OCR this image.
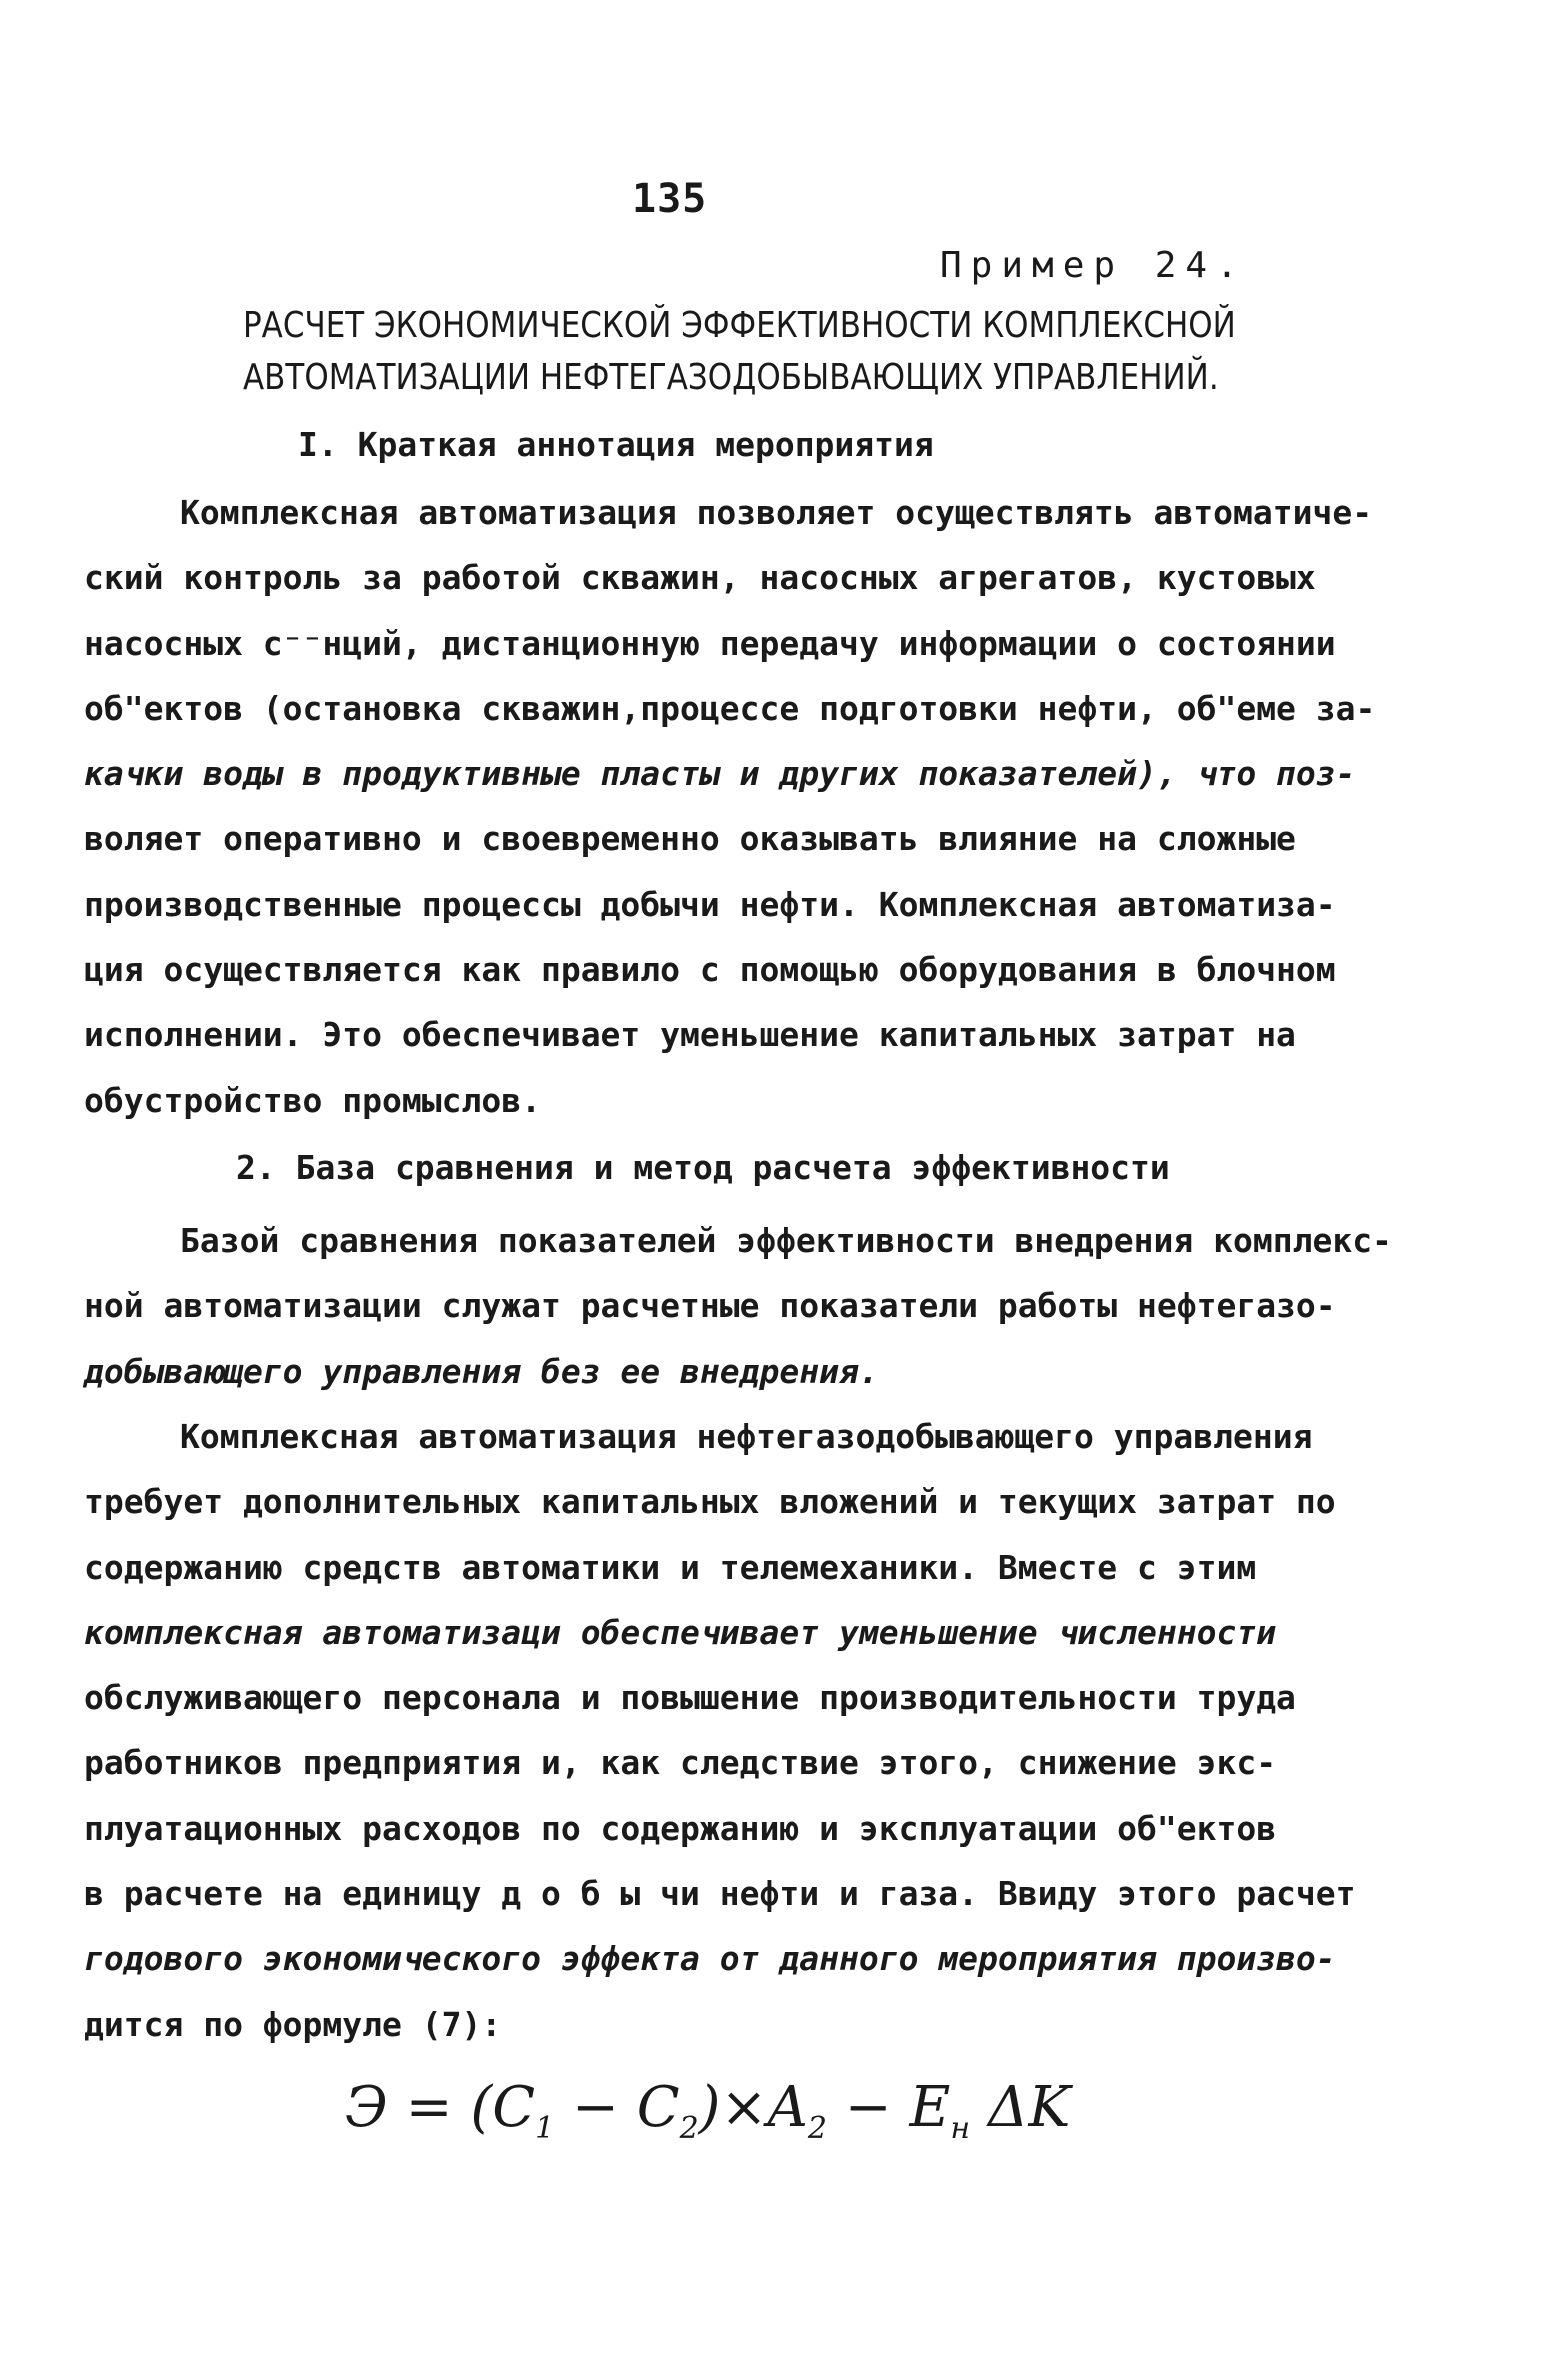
135
Пример 24.
РАСЧЕТ ЭКОНОМИЧЕСКОЙ ЭФФЕКТИВНОСТИ КОМПЛЕКСНОЙ
АВТОМАТИЗАЦИИ НЕФТЕГАЗОДОБЫВАЮЩИХ УПРАВЛЕНИЙ.
I. Краткая аннотация мероприятия
Комплексная автоматизация позволяет осуществлять автоматиче-
ский контроль за работой скважин, насосных агрегатов, кустовых
насосных с⁻⁻нций, дистанционную передачу информации о состоянии
об"ектов (остановка скважин,процессе подготовки нефти, об"еме за-
качки воды в продуктивные пласты и других показателей), что поз-
воляет оперативно и своевременно оказывать влияние на сложные
производственные процессы добычи нефти. Комплексная автоматиза-
ция осуществляется как правило с помощью оборудования в блочном
исполнении. Это обеспечивает уменьшение капитальных затрат на
обустройство промыслов.
2. База сравнения и метод расчета эффективности
Базой сравнения показателей эффективности внедрения комплекс-
ной автоматизации служат расчетные показатели работы нефтегазо-
добывающего управления без ее внедрения.
Комплексная автоматизация нефтегазодобывающего управления
требует дополнительных капитальных вложений и текущих затрат по
содержанию средств автоматики и телемеханики. Вместе с этим
комплексная автоматизаци обеспечивает уменьшение численности
обслуживающего персонала и повышение производительности труда
работников предприятия и, как следствие этого, снижение экс-
плуатационных расходов по содержанию и эксплуатации об"ектов
в расчете на единицу д о б ы чи нефти и газа. Ввиду этого расчет
годового экономического эффекта от данного мероприятия произво-
дится по формуле (7):
$Э = (C_1 - C_2)\times A_2 - E_н$ ΔK
